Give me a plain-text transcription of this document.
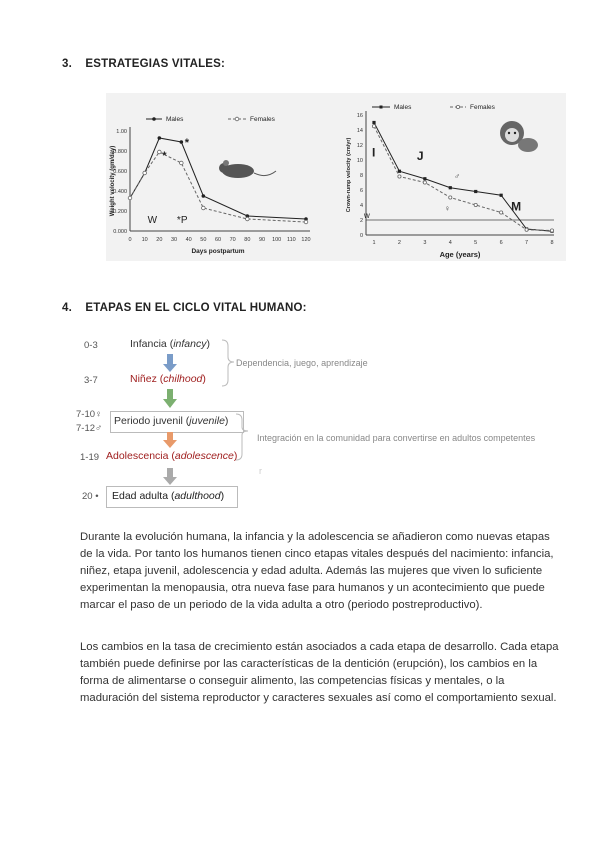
3. ESTRATEGIAS VITALES:
0 10 20 30 40 50 60 70 80 90 100 110 120
0.000
0.200
0.400
0.600
0.800
1.00
Days postpartum
Weight velocity (gm/day)
Males	Females
*
*
W *P
1	2	3	4	5	6	7	8
0
2
4
6
8
10
12
14
16
Age (years)
Crown-rump velocity (cm/yr)
Males	Females
I	J
♂
♀	M
w
4. ETAPAS EN EL CICLO VITAL HUMANO:
0-3	Infancia (infancy)
3-7	Niñez (chilhood)
7-10♀
7-12♂
Periodo juvenil (juvenile)
1-19 Adolescencia (adolescence)
20 • Edad adulta (adulthood)
r
Dependencia, juego, aprendizaje
Integración en la comunidad para convertirse en adultos competentes
Durante la evolución humana, la infancia y la adolescencia se añadieron como nuevas etapas de la vida. Por tanto los humanos tienen cinco etapas vitales después del nacimiento: infancia, niñez, etapa juvenil, adolescencia y edad adulta. Además las mujeres que viven lo suficiente experimentan la menopausia, otra nueva fase para humanos y un acontecimiento que puede marcar el paso de un periodo de la vida adulta a otro (periodo postreproductivo).
Los cambios en la tasa de crecimiento están asociados a cada etapa de desarrollo. Cada etapa también puede definirse por las características de la dentición (erupción), los cambios en la forma de alimentarse o conseguir alimento, las competencias físicas y mentales, o la maduración del sistema reproductor y caracteres sexuales así como el comportamiento sexual.
